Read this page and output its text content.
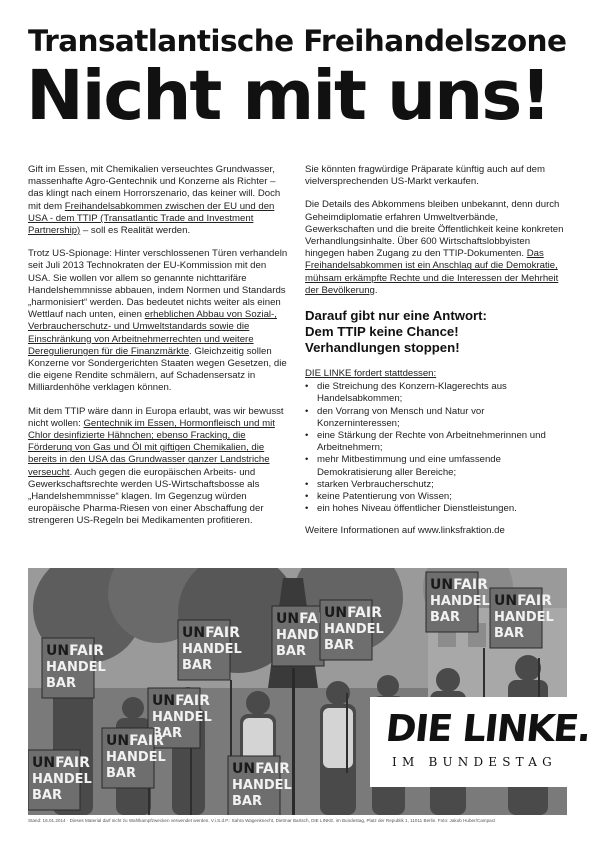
Transatlantische Freihandelszone
Nicht mit uns!

Gift im Essen, mit Chemikalien verseuchtes Grundwasser, massenhafte Agro-Gentechnik und Konzerne als Richter – das klingt nach einem Horrorszenario, das keiner will. Doch mit dem Freihandelsabkommen zwischen der EU und den USA - dem TTIP (Transatlantic Trade and Investment Partnership) – soll es Realität werden.

Trotz US-Spionage: Hinter verschlossenen Türen verhandeln seit Juli 2013 Technokraten der EU-Kommission mit den USA. Sie wollen vor allem so genannte nichttarifäre Handelshemmnisse abbauen, indem Normen und Standards „harmonisiert“ werden. Das bedeutet nichts weiter als einen Wettlauf nach unten, einen erheblichen Abbau von Sozial-, Verbraucherschutz- und Umweltstandards sowie die Einschränkung von Arbeitnehmerrechten und weitere Deregulierungen für die Finanzmärkte. Gleichzeitig sollen Konzerne vor Sondergerichten Staaten wegen Gesetzen, die die eigene Rendite schmälern, auf Schadensersatz in Milliardenhöhe verklagen können.

Mit dem TTIP wäre dann in Europa erlaubt, was wir bewusst nicht wollen: Gentechnik im Essen, Hormonfleisch und mit Chlor desinfizierte Hähnchen; ebenso Fracking, die Förderung von Gas und Öl mit giftigen Chemikalien, die bereits in den USA das Grundwasser ganzer Landstriche verseucht. Auch gegen die europäischen Arbeits- und Gewerkschaftsrechte werden US-Wirtschaftsbosse als „Handelshemmnisse“ klagen. Im Gegenzug würden europäische Pharma-Riesen von einer Abschaffung der strengeren US-Regeln bei Medikamenten profitieren.

Sie könnten fragwürdige Präparate künftig auch auf dem vielversprechenden US-Markt verkaufen.

Die Details des Abkommens bleiben unbekannt, denn durch Geheimdiplomatie erfahren Umweltverbände, Gewerkschaften und die breite Öffentlichkeit keine konkreten Verhandlungsinhalte. Über 600 Wirtschaftslobbyisten hingegen haben Zugang zu den TTIP-Dokumenten. Das Freihandelsabkommen ist ein Anschlag auf die Demokratie, mühsam erkämpfte Rechte und die Interessen der Mehrheit der Bevölkerung.

Darauf gibt nur eine Antwort:
Dem TTIP keine Chance!
Verhandlungen stoppen!
DIE LINKE fordert stattdessen:
• die Streichung des Konzern-Klagerechts aus Handelsabkommen;
• den Vorrang von Mensch und Natur vor Konzerninteressen;
• eine Stärkung der Rechte von Arbeitnehmerinnen und Arbeitnehmern;
• mehr Mitbestimmung und eine umfassende Demokratisierung aller Bereiche;
• starken Verbraucherschutz;
• keine Patentierung von Wissen;
• ein hohes Niveau öffentlicher Dienstleistungen.

Weitere Informationen auf www.linksfraktion.de

DIE LINKE.
IM BUNDESTAG
Stand: 16.01.2014 · Dieses Material darf nicht zu Wahlkampfzwecken verwendet werden. V.i.S.d.P.: Sahra Wagenknecht, Dietmar Bartsch, DIE LINKE. im Bundestag, Platz der Republik 1, 11011 Berlin. Foto: Jakob Huber/Campact
